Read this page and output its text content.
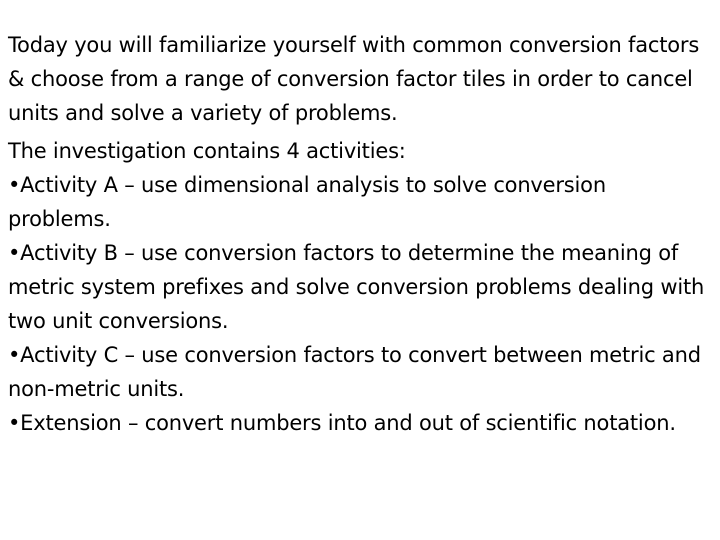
Today you will familiarize yourself with common conversion factors & choose from a range of conversion factor tiles in order to cancel units and solve a variety of problems.

The investigation contains 4 activities:

•Activity A – use dimensional analysis to solve conversion problems.
•Activity B – use conversion factors to determine the meaning of metric system prefixes and solve conversion problems dealing with two unit conversions.
•Activity C – use conversion factors to convert between metric and non-metric units.
•Extension – convert numbers into and out of scientific notation.
